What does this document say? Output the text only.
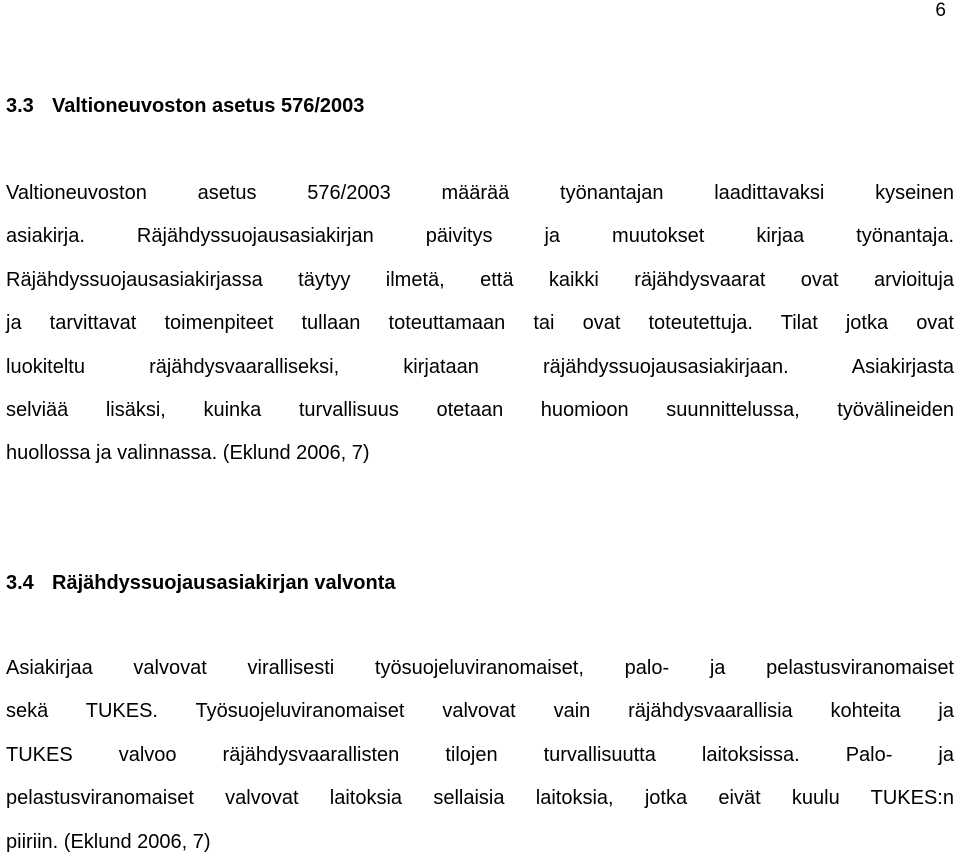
6
3.3 Valtioneuvoston asetus 576/2003
Valtioneuvoston asetus 576/2003 määrää työnantajan laadittavaksi kyseinen
asiakirja. Räjähdyssuojausasiakirjan päivitys ja muutokset kirjaa työnantaja.
Räjähdyssuojausasiakirjassa täytyy ilmetä, että kaikki räjähdysvaarat ovat arvioituja
ja tarvittavat toimenpiteet tullaan toteuttamaan tai ovat toteutettuja. Tilat jotka ovat
luokiteltu räjähdysvaaralliseksi, kirjataan räjähdyssuojausasiakirjaan. Asiakirjasta
selviää lisäksi, kuinka turvallisuus otetaan huomioon suunnittelussa, työvälineiden
huollossa ja valinnassa. (Eklund 2006, 7)
3.4 Räjähdyssuojausasiakirjan valvonta
Asiakirjaa valvovat virallisesti työsuojeluviranomaiset, palo- ja pelastusviranomaiset
sekä TUKES. Työsuojeluviranomaiset valvovat vain räjähdysvaarallisia kohteita ja
TUKES valvoo räjähdysvaarallisten tilojen turvallisuutta laitoksissa. Palo- ja
pelastusviranomaiset valvovat laitoksia sellaisia laitoksia, jotka eivät kuulu TUKES:n
piiriin. (Eklund 2006, 7)
